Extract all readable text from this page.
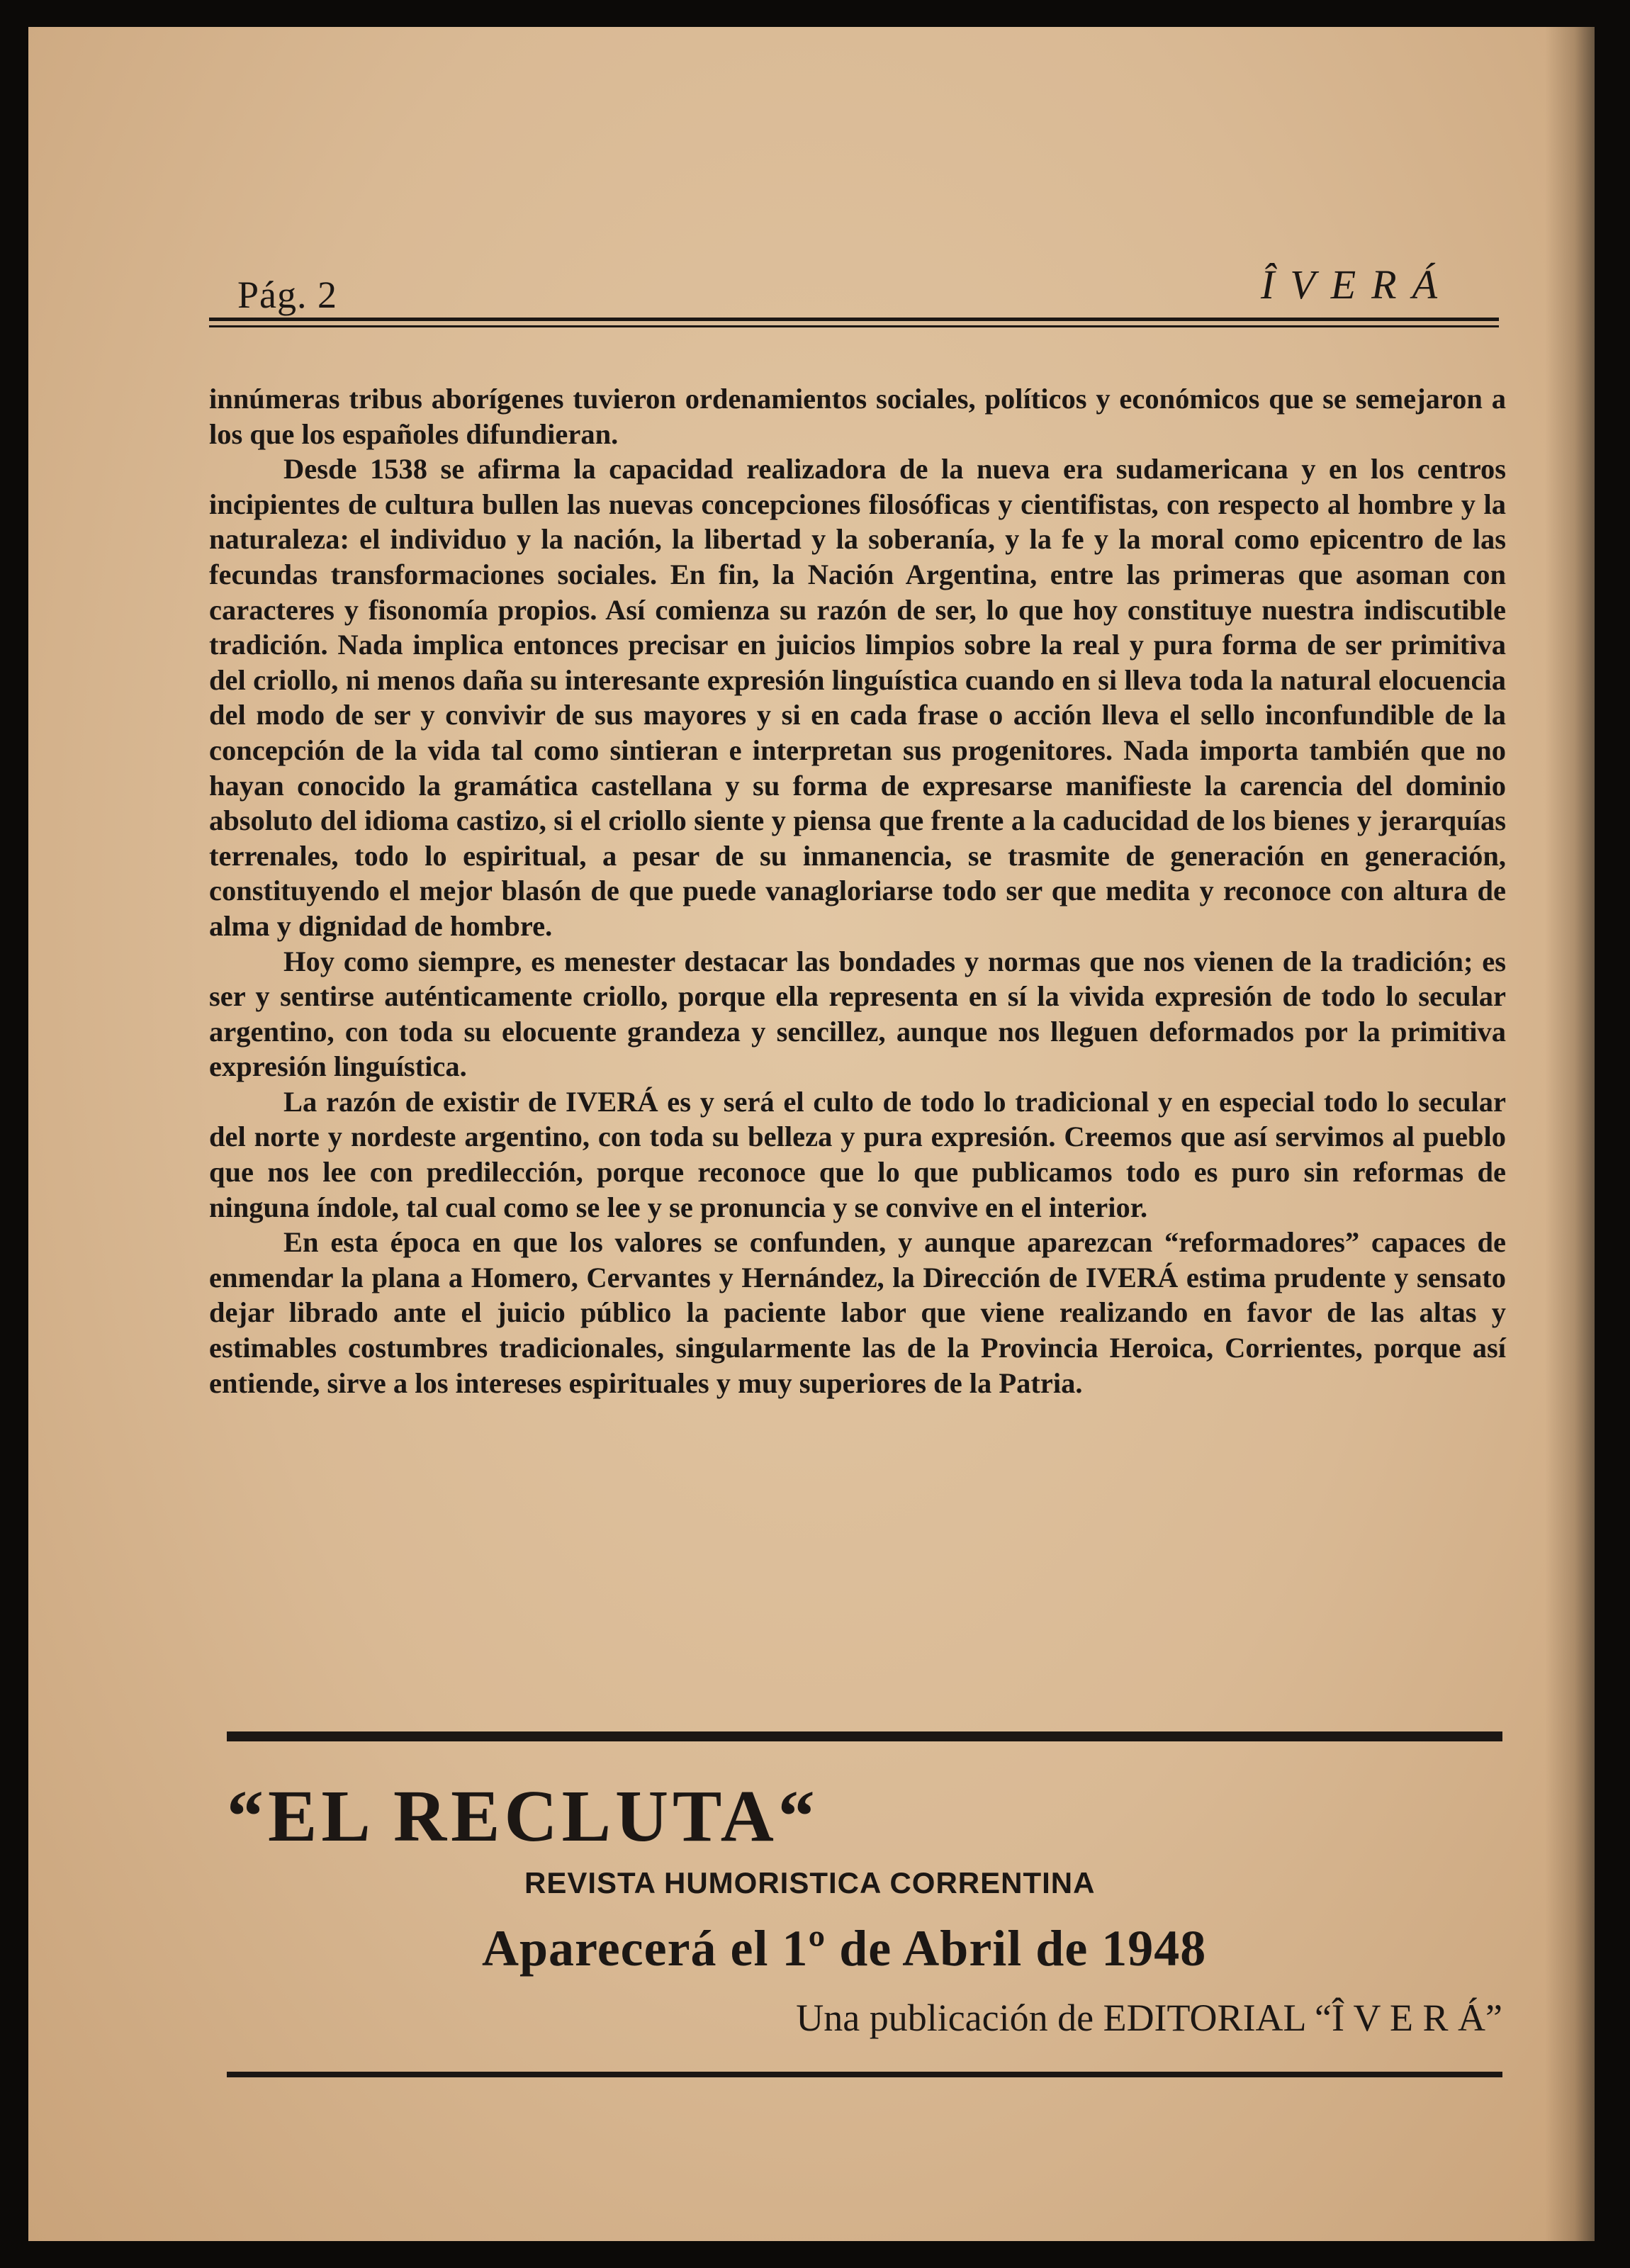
Pág. 2	ÎVERÁ

innúmeras tribus aborígenes tuvieron ordenamientos sociales, políticos y económicos que se semejaron a los que los españoles difundieran.

Desde 1538 se afirma la capacidad realizadora de la nueva era sudamericana y en los centros incipientes de cultura bullen las nuevas concepciones filosóficas y cientifistas, con respecto al hombre y la naturaleza: el individuo y la nación, la libertad y la soberanía, y la fe y la moral como epicentro de las fecundas transformaciones sociales. En fin, la Nación Argentina, entre las primeras que asoman con caracteres y fisonomía propios. Así comienza su razón de ser, lo que hoy constituye nuestra indiscutible tradición. Nada implica entonces precisar en juicios limpios sobre la real y pura forma de ser primitiva del criollo, ni menos daña su interesante expresión linguística cuando en si lleva toda la natural elocuencia del modo de ser y convivir de sus mayores y si en cada frase o acción lleva el sello inconfundible de la concepción de la vida tal como sintieran e interpretan sus progenitores. Nada importa también que no hayan conocido la gramática castellana y su forma de expresarse manifieste la carencia del dominio absoluto del idioma castizo, si el criollo siente y piensa que frente a la caducidad de los bienes y jerarquías terrenales, todo lo espiritual, a pesar de su inmanencia, se trasmite de generación en generación, constituyendo el mejor blasón de que puede vanagloriarse todo ser que medita y reconoce con altura de alma y dignidad de hombre.

Hoy como siempre, es menester destacar las bondades y normas que nos vienen de la tradición; es ser y sentirse auténticamente criollo, porque ella representa en sí la vivida expresión de todo lo secular argentino, con toda su elocuente grandeza y sencillez, aunque nos lleguen deformados por la primitiva expresión linguística.

La razón de existir de IVERÁ es y será el culto de todo lo tradicional y en especial todo lo secular del norte y nordeste argentino, con toda su belleza y pura expresión. Creemos que así servimos al pueblo que nos lee con predilección, porque reconoce que lo que publicamos todo es puro sin reformas de ninguna índole, tal cual como se lee y se pronuncia y se convive en el interior.

En esta época en que los valores se confunden, y aunque aparezcan “reformadores” capaces de enmendar la plana a Homero, Cervantes y Hernández, la Dirección de IVERÁ estima prudente y sensato dejar librado ante el juicio público la paciente labor que viene realizando en favor de las altas y estimables costumbres tradicionales, singularmente las de la Provincia Heroica, Corrientes, porque así entiende, sirve a los intereses espirituales y muy superiores de la Patria.

“EL RECLUTA“
REVISTA HUMORISTICA CORRENTINA
Aparecerá el 1º de Abril de 1948
Una publicación de EDITORIAL “Î V E R Á”
